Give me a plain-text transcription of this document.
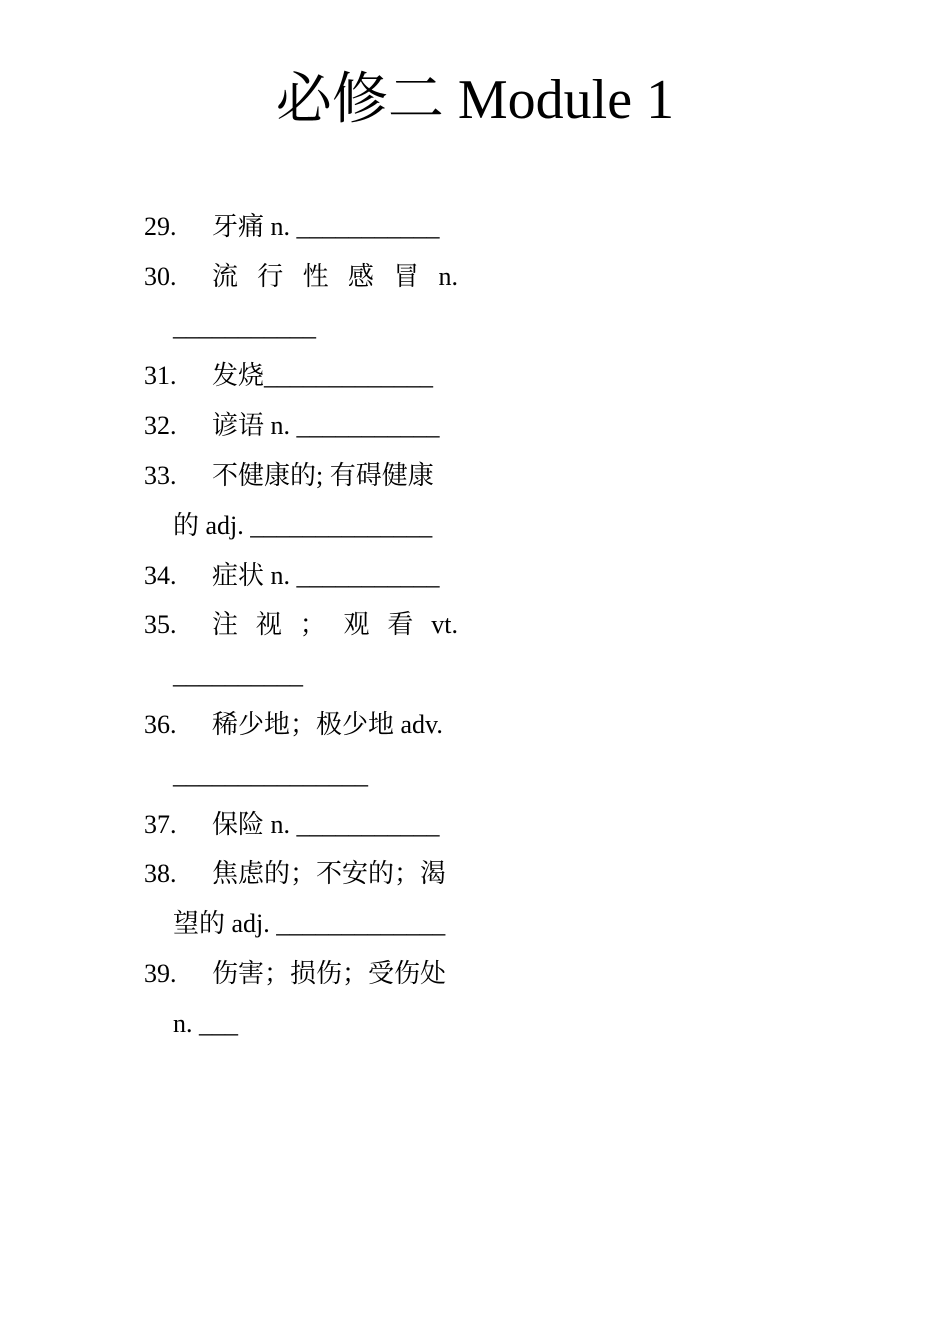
必修二 Module 1
29. 牙痛 n. ___________
30.	流 行 性 感 冒 n.
___________
31. 发烧_____________
32. 谚语 n. ___________
33. 不健康的; 有碍健康
的 adj. ______________
34. 症状 n. ___________
35.	注 视 ； 观 看 vt.
__________
36. 稀少地；极少地 adv.
_______________
37. 保险 n. ___________
38. 焦虑的；不安的；渴
望的 adj. _____________
39. 伤害；损伤；受伤处
n. ___
